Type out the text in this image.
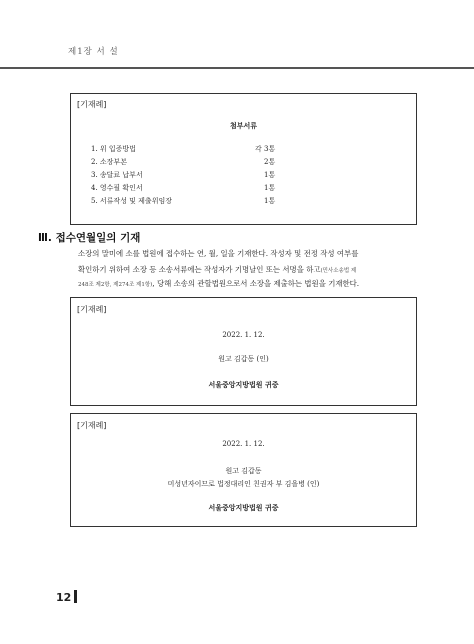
제1장 서 설
[기재례]
첨부서류
1. 위 입증방법	각 3통
2. 소장부본	2통
3. 송달료 납부서	1통
4. 영수필 확인서	1통
5. 서류작성 및 제출위임장	1통
Ⅲ. 접수연월일의 기재
소장의 말미에 소를 법원에 접수하는 연, 월, 일을 기재한다. 작성자 및 전정 작성 여부를
확인하기 위하여 소장 등 소송서류에는 작성자가 기명날인 또는 서명을 하고(민사소송법 제
248조 제2항, 제274조 제1항), 당해 소송의 관할법원으로서 소장을 제출하는 법원을 기재한다.
[기재례]
2022. 1. 12.
원고 김갑동 (인)
서울중앙지방법원 귀중
[기재례]
2022. 1. 12.
원고 김갑동
미성년자이므로 법정대리인 친권자 부 김을병 (인)
서울중앙지방법원 귀중
12
